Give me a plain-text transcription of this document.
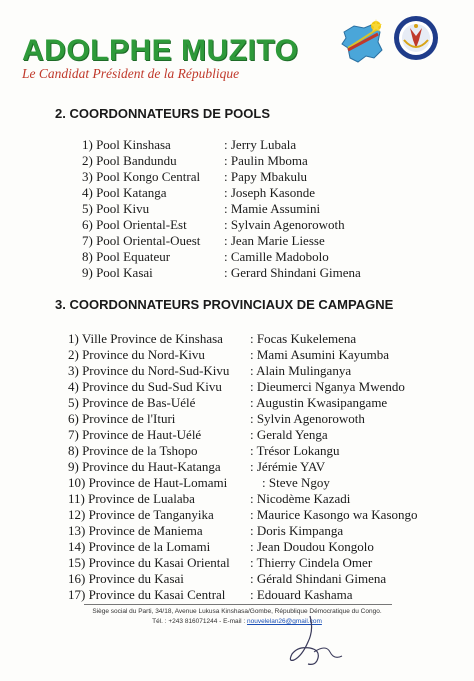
ADOLPHE MUZITO
Le Candidat Président de la République
2. COORDONNATEURS DE POOLS
1) Pool Kinshasa	: Jerry Lubala
2) Pool Bandundu	: Paulin Mboma
3) Pool Kongo Central : Papy Mbakulu
4) Pool Katanga	: Joseph Kasonde
5) Pool Kivu	: Mamie Assumini
6) Pool Oriental-Est	: Sylvain Agenorowoth
7) Pool Oriental-Ouest : Jean Marie Liesse
8) Pool Equateur	: Camille Madobolo
9) Pool Kasai	: Gerard Shindani Gimena
3. COORDONNATEURS PROVINCIAUX DE CAMPAGNE
1) Ville Province de Kinshasa : Focas Kukelemena
2) Province du Nord-Kivu	: Mami Asumini Kayumba
3) Province du Nord-Sud-Kivu : Alain Mulinganya
4) Province du Sud-Sud Kivu : Dieumerci Nganya Mwendo
5) Province de Bas-Uélé	: Augustin Kwasipangame
6) Province de l'Ituri	: Sylvin Agenorowoth
7) Province de Haut-Uélé	: Gerald Yenga
8) Province de la Tshopo	: Trésor Lokangu
9) Province du Haut-Katanga : Jérémie YAV
10) Province de Haut-Lomami	: Steve Ngoy
11) Province de Lualaba	: Nicodème Kazadi
12) Province de Tanganyika	: Maurice Kasongo wa Kasongo
13) Province de Maniema	: Doris Kimpanga
14) Province de la Lomami	: Jean Doudou Kongolo
15) Province du Kasai Oriental : Thierry Cindela Omer
16) Province du Kasai	: Gérald Shindani Gimena
17) Province du Kasai Central : Edouard Kashama
Siège social du Parti, 34/18, Avenue Lukusa Kinshasa/Gombe, République Démocratique du Congo.
Tél. : +243 816071244 - E-mail : nouvelelan26@gmail.com
